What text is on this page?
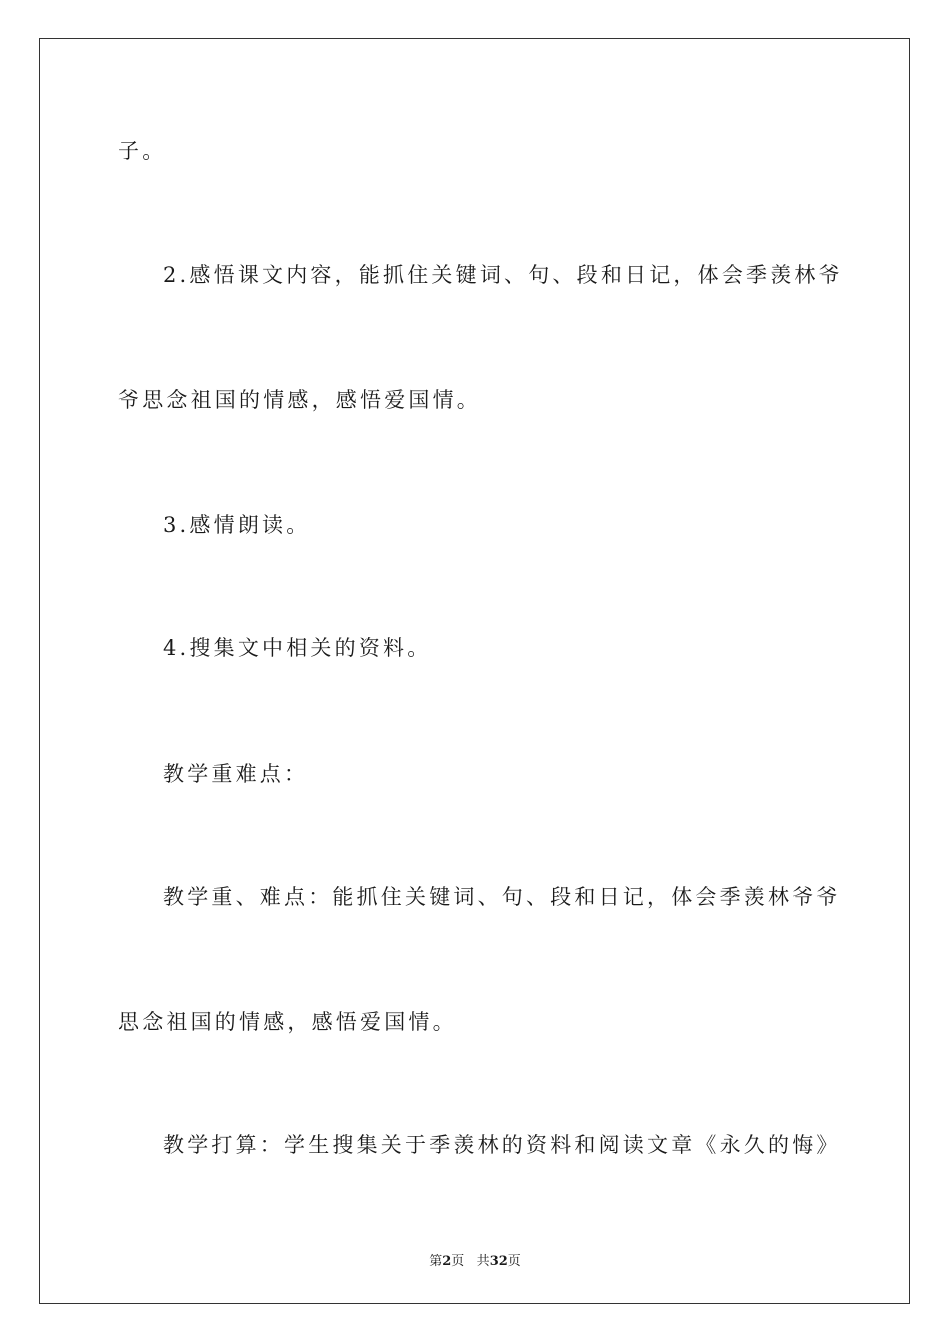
子。
2.感悟课文内容，能抓住关键词、句、段和日记，体会季羡林爷
爷思念祖国的情感，感悟爱国情。
3.感情朗读。
4.搜集文中相关的资料。
教学重难点：
教学重、难点：能抓住关键词、句、段和日记，体会季羡林爷爷
思念祖国的情感，感悟爱国情。
教学打算：学生搜集关于季羡林的资料和阅读文章《永久的悔》
第2页 共32页
